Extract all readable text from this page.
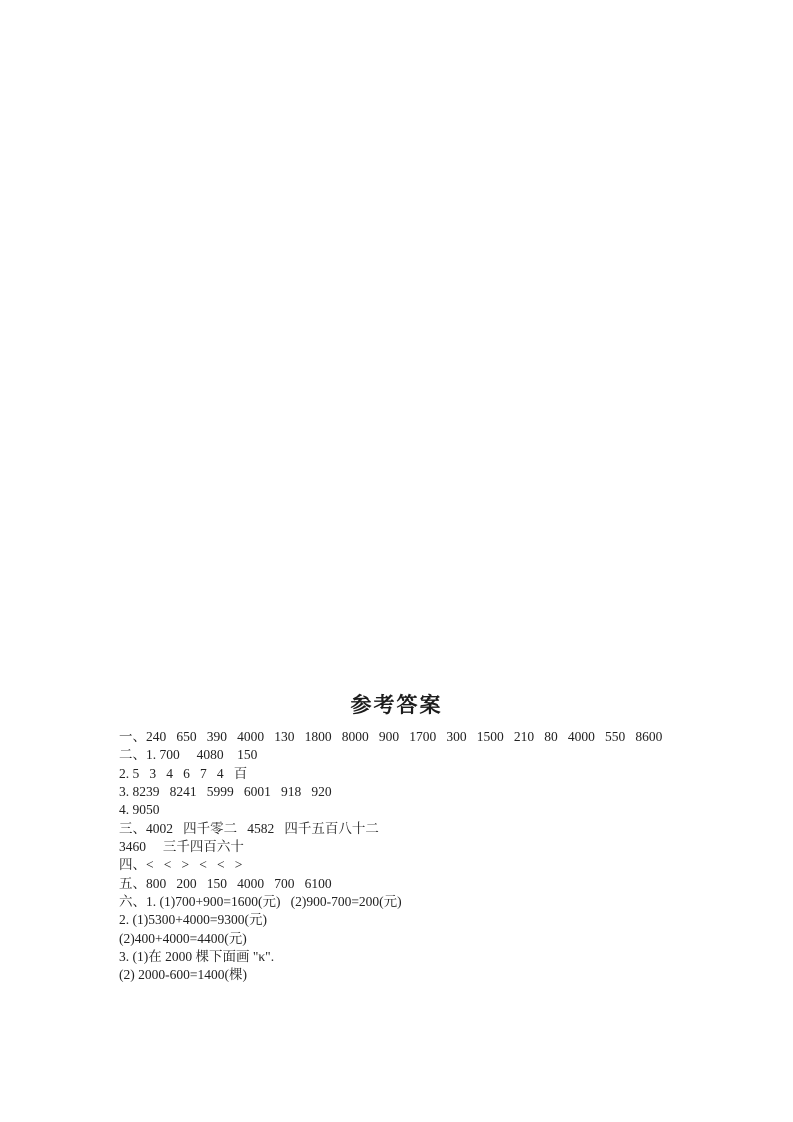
参考答案
一、240   650   390   4000   130   1800   8000   900   1700   300   1500   210   80   4000   550   8600
二、1. 700     4080    150
2. 5   3   4   6   7   4   百
3. 8239   8241   5999   6001   918   920
4. 9050
三、4002   四千零二   4582   四千五百八十二
3460     三千四百六十
四、<   <   >   <   <   >
五、800   200   150   4000   700   6100
六、1. (1)700+900=1600(元)   (2)900-700=200(元)
2. (1)5300+4000=9300(元)
(2)400+4000=4400(元)
3. (1)在 2000 棵下面画 "κ".
(2) 2000-600=1400(棵)
